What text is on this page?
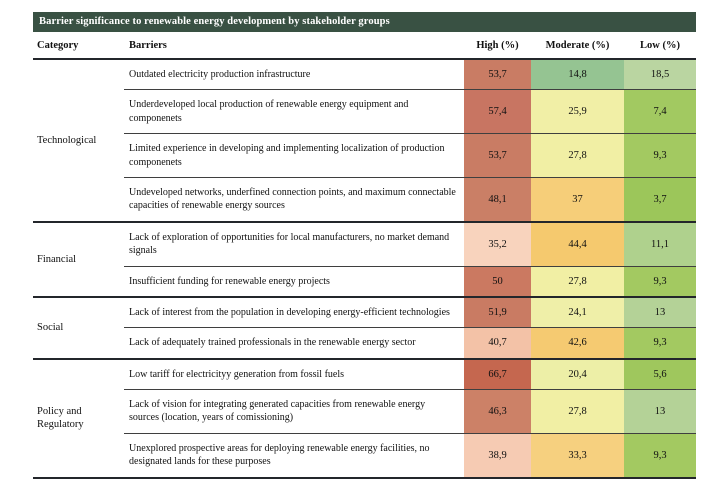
Barrier significance to renewable energy development by stakeholder groups
Category	Barriers	High (%)	Moderate (%)	Low (%)
Technological	Outdated electricity production infrastructure	53,7	14,8	18,5
	Underdeveloped local production of renewable energy equipment and componenets	57,4	25,9	7,4
	Limited experience in developing and implementing localization of production componenets	53,7	27,8	9,3
	Undeveloped networks, underfined connection points, and maximum connectable capacities of renewable energy sources	48,1	37	3,7
Financial	Lack of exploration of opportunities for local manufacturers, no market demand signals	35,2	44,4	11,1
	Insufficient funding for renewable energy projects	50	27,8	9,3
Social	Lack of interest from the population in developing energy-efficient technologies	51,9	24,1	13
	Lack of adequately trained professionals in the renewable energy sector	40,7	42,6	9,3
Policy and Regulatory	Low tariff for electricityy generation from fossil fuels	66,7	20,4	5,6
	Lack of vision for integrating generated capacities from renewable energy sources (location, years of comissioning)	46,3	27,8	13
	Unexplored prospective areas for deploying renewable energy facilities, no designated lands for these purposes	38,9	33,3	9,3
